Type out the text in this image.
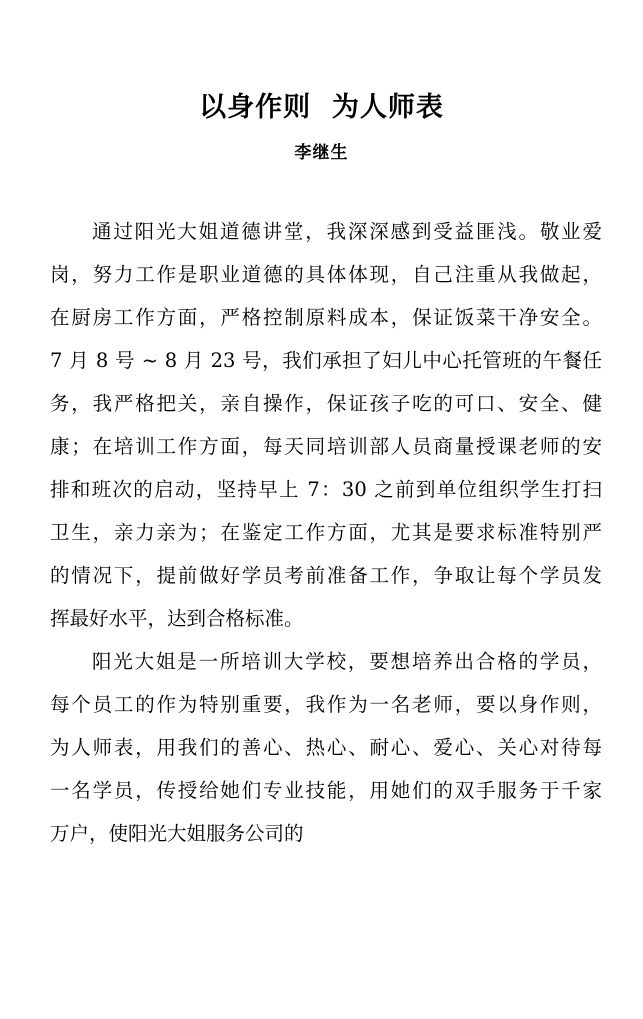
以身作则  为人师表
李继生
通过阳光大姐道德讲堂，我深深感到受益匪浅。敬业爱
岗，努力工作是职业道德的具体体现，自己注重从我做起，
在厨房工作方面，严格控制原料成本，保证饭菜干净安全。
7 月 8 号 ~ 8 月 23 号，我们承担了妇儿中心托管班的午餐任
务，我严格把关，亲自操作，保证孩子吃的可口、安全、健
康；在培训工作方面，每天同培训部人员商量授课老师的安
排和班次的启动，坚持早上 7：30 之前到单位组织学生打扫
卫生，亲力亲为；在鉴定工作方面，尤其是要求标准特别严
的情况下，提前做好学员考前准备工作，争取让每个学员发
挥最好水平，达到合格标准。
阳光大姐是一所培训大学校，要想培养出合格的学员，
每个员工的作为特别重要，我作为一名老师，要以身作则，
为人师表，用我们的善心、热心、耐心、爱心、关心对待每
一名学员，传授给她们专业技能，用她们的双手服务于千家
万户，使阳光大姐服务公司的
